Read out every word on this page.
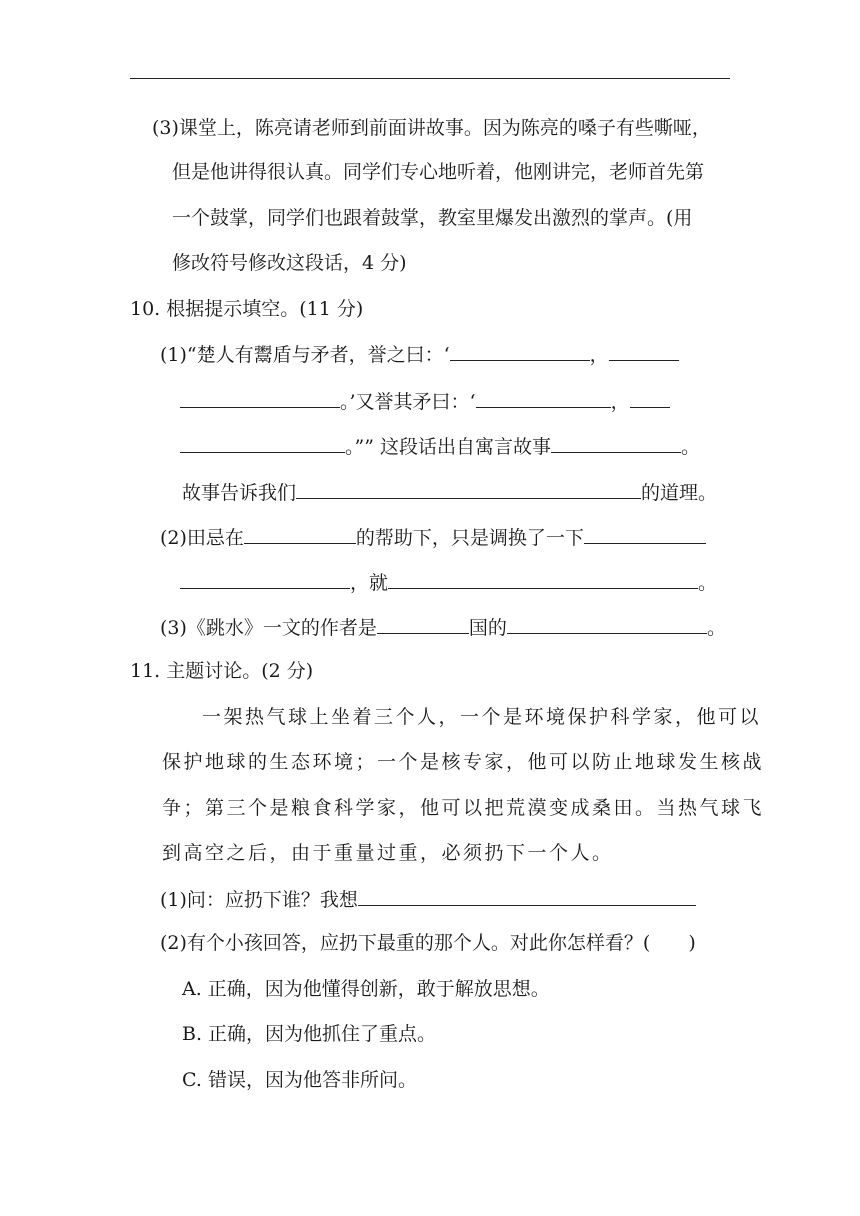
(3)课堂上，陈亮请老师到前面讲故事。因为陈亮的嗓子有些嘶哑，
但是他讲得很认真。同学们专心地听着，他刚讲完，老师首先第
一个鼓掌，同学们也跟着鼓掌，教室里爆发出激烈的掌声。(用
修改符号修改这段话，4 分)
10. 根据提示填空。(11 分)
(1)“楚人有鬻盾与矛者，誉之曰：‘	，
。’又誉其矛曰：‘	，
。”” 这段话出自寓言故事	。
故事告诉我们	的道理。
(2)田忌在	的帮助下，只是调换了一下
，就	。
(3)《跳水》一文的作者是	国的	。
11. 主题讨论。(2 分)
一架热气球上坐着三个人，一个是环境保护科学家，他可以
保护地球的生态环境；一个是核专家，他可以防止地球发生核战
争；第三个是粮食科学家，他可以把荒漠变成桑田。当热气球飞
到高空之后，由于重量过重，必须扔下一个人。
(1)问：应扔下谁？我想
(2)有个小孩回答，应扔下最重的那个人。对此你怎样看？(　　)
A. 正确，因为他懂得创新，敢于解放思想。
B. 正确，因为他抓住了重点。
C. 错误，因为他答非所问。
